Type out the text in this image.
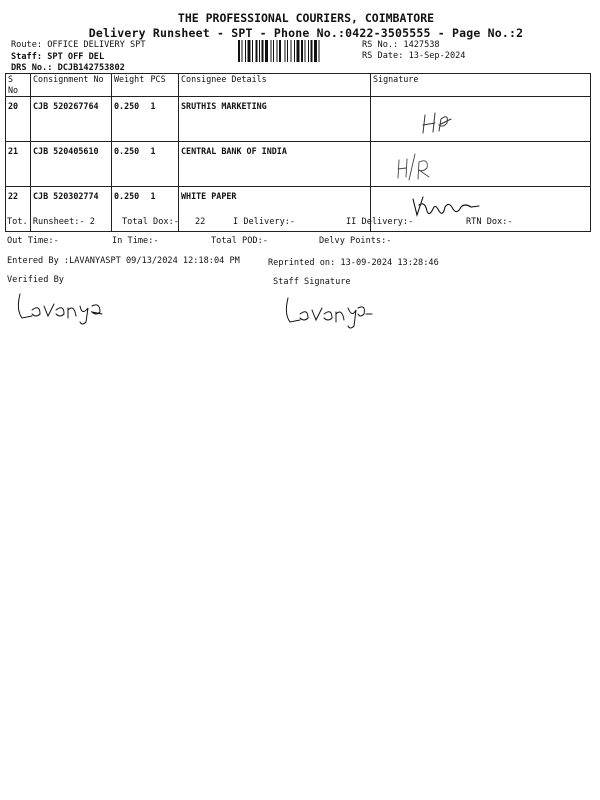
THE PROFESSIONAL COURIERS, COIMBATORE
Delivery Runsheet - SPT - Phone No.:0422-3505555 - Page No.:2
Route: OFFICE DELIVERY SPT
Staff: SPT OFF DEL
DRS No.: DCJB142753802
RS No.: 1427538
RS Date: 13-Sep-2024
S No	Consignment No	Weight	PCS	Consignee Details	Signature
20	CJB 520267764	0.250	1	SRUTHIS MARKETING	

21	CJB 520405610	0.250	1	CENTRAL BANK OF INDIA	

22	CJB 520302774	0.250	1	WHITE PAPER	
Tot. Runsheet:- 2	Total Dox:- 22	I Delivery:-	II Delivery:-	RTN Dox:-
Out Time:-	In Time:-	Total POD:-	Delvy Points:-
Entered By :LAVANYASPT 09/13/2024 12:18:04 PM	Reprinted on: 13-09-2024 13:28:46
Verified By	Staff Signature
